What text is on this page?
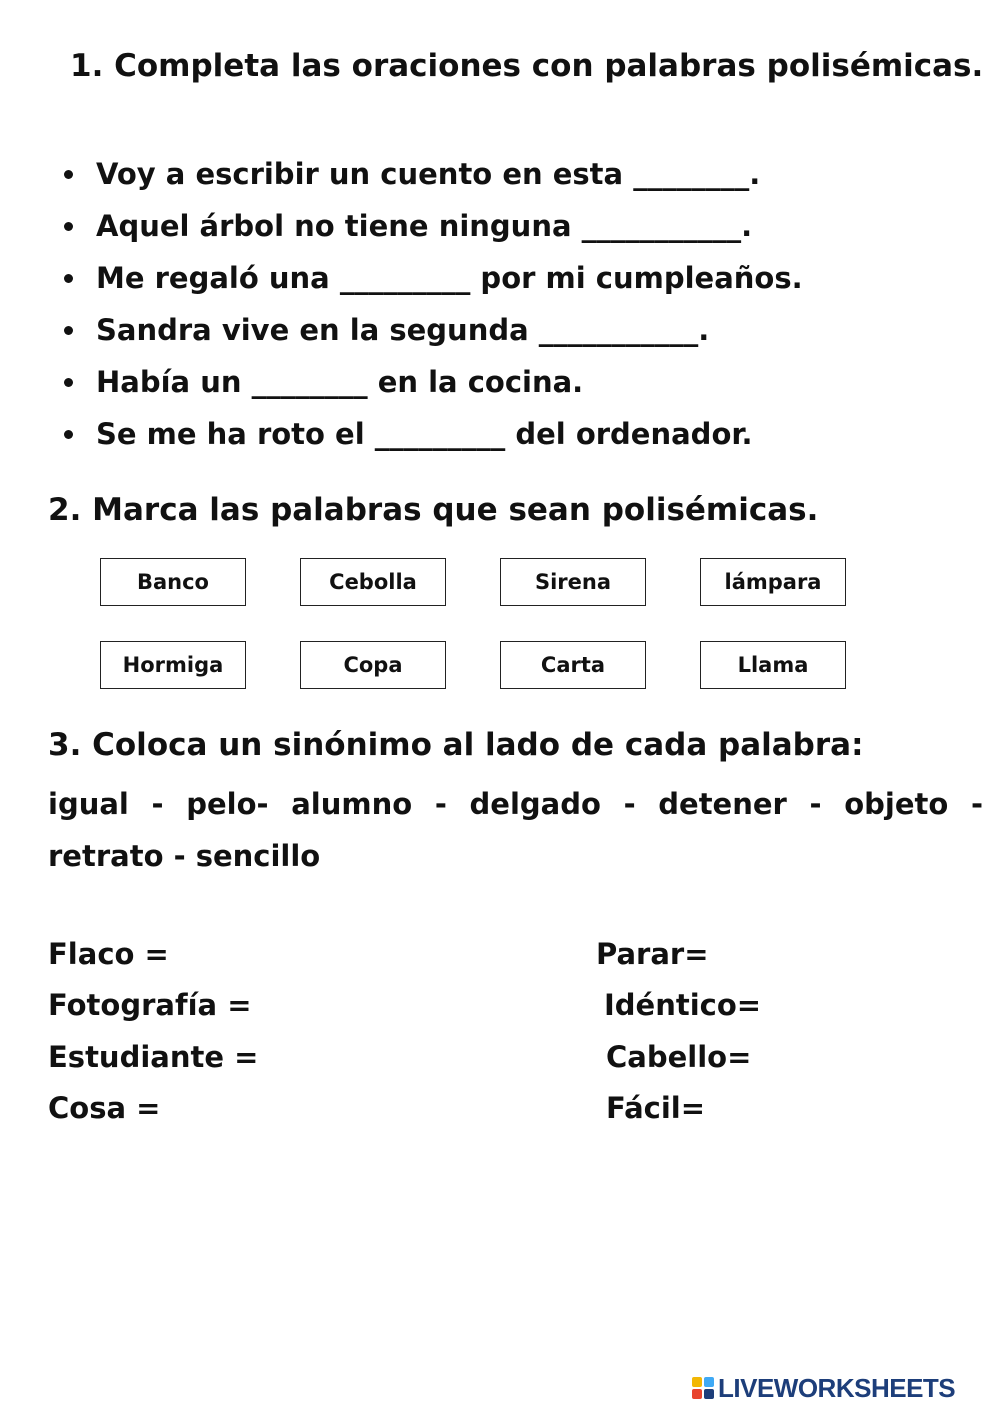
1. Completa las oraciones con palabras polisémicas.
Voy a escribir un cuento en esta ________.
Aquel árbol no tiene ninguna ___________.
Me regaló una _________ por mi cumpleaños.
Sandra vive en la segunda ___________.
Había un ________ en la cocina.
Se me ha roto el _________ del ordenador.
2. Marca las palabras que sean polisémicas.
Banco	Cebolla	Sirena	lámpara
Hormiga	Copa	Carta	Llama
3. Coloca un sinónimo al lado de cada palabra:
igual - pelo- alumno - delgado - detener - objeto -
retrato - sencillo
Flaco =
Fotografía =
Estudiante =
Cosa =
Parar=
Idéntico=
Cabello=
Fácil=
LIVEWORKSHEETS
